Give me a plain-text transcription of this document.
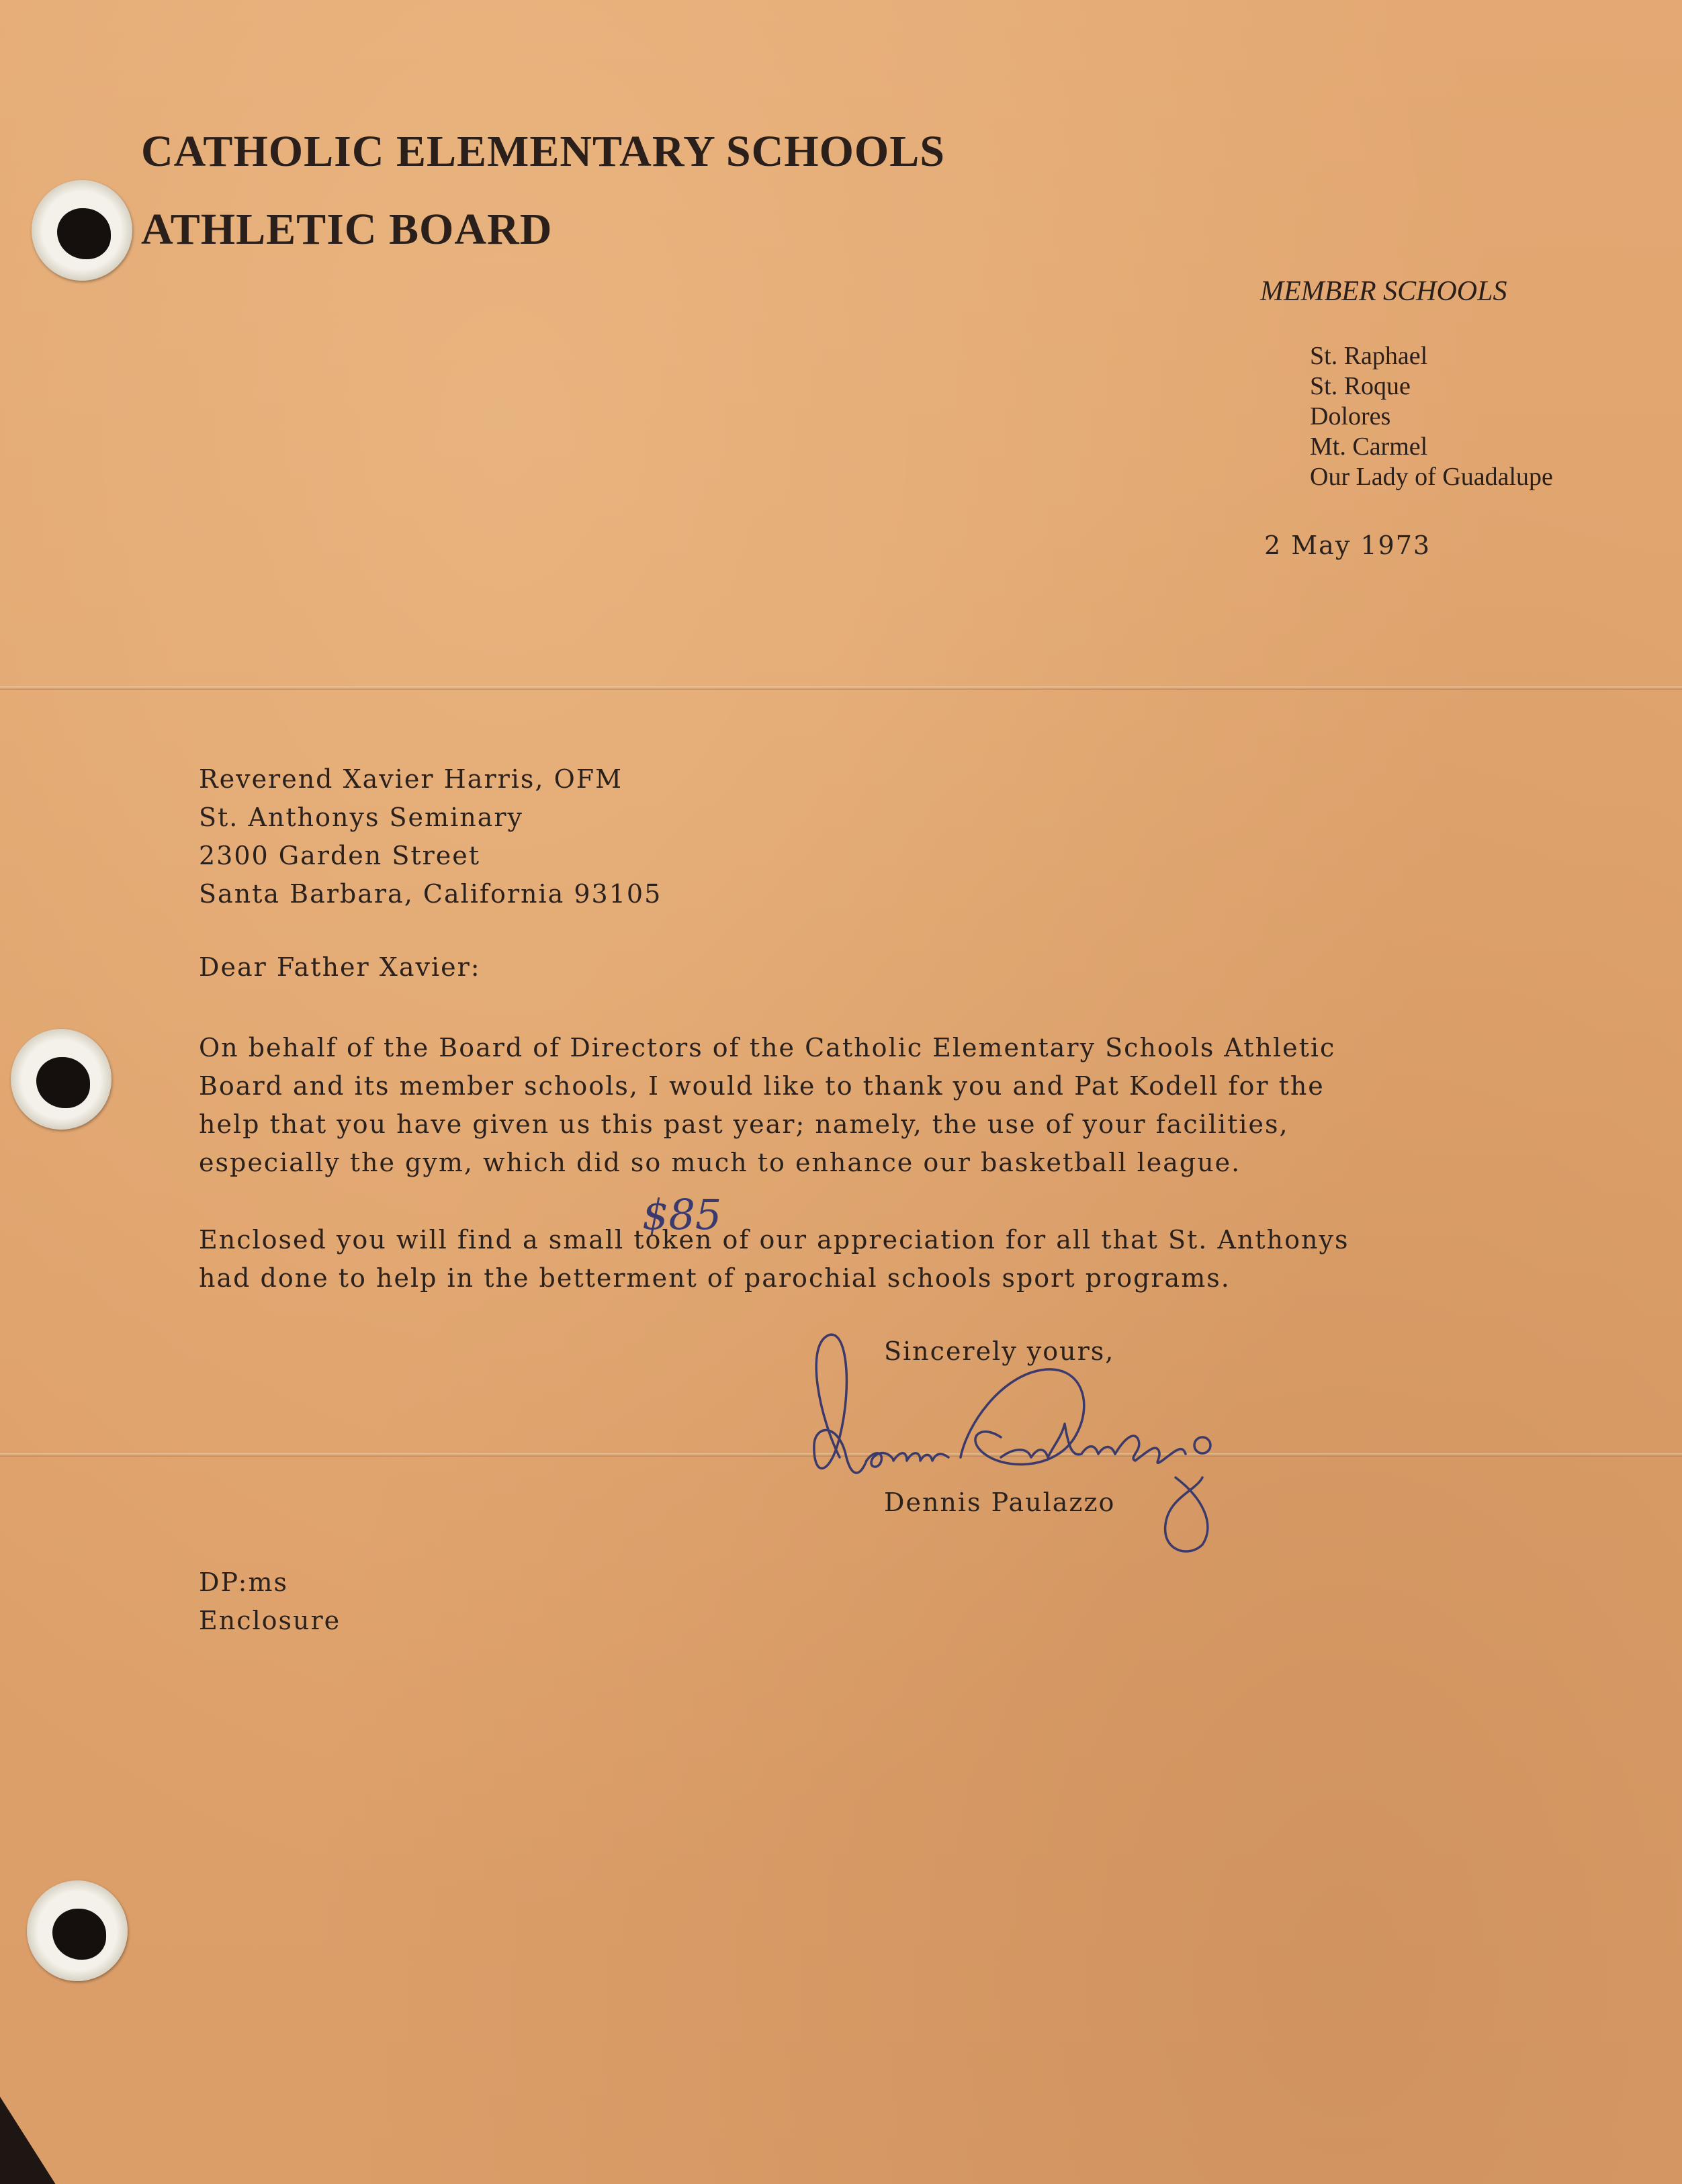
CATHOLIC ELEMENTARY SCHOOLS
ATHLETIC BOARD
MEMBER SCHOOLS
St. Raphael
St. Roque
Dolores
Mt. Carmel
Our Lady of Guadalupe
2 May 1973
Reverend Xavier Harris, OFM
St. Anthonys Seminary
2300 Garden Street
Santa Barbara, California 93105
Dear Father Xavier:
On behalf of the Board of Directors of the Catholic Elementary Schools Athletic
Board and its member schools, I would like to thank you and Pat Kodell for the
help that you have given us this past year; namely, the use of your facilities,
especially the gym, which did so much to enhance our basketball league.
Enclosed you will find a small token of our appreciation for all that St. Anthonys
had done to help in the betterment of parochial schools sport programs.
$85
Sincerely yours,
Dennis Paulazzo
DP:ms
Enclosure
